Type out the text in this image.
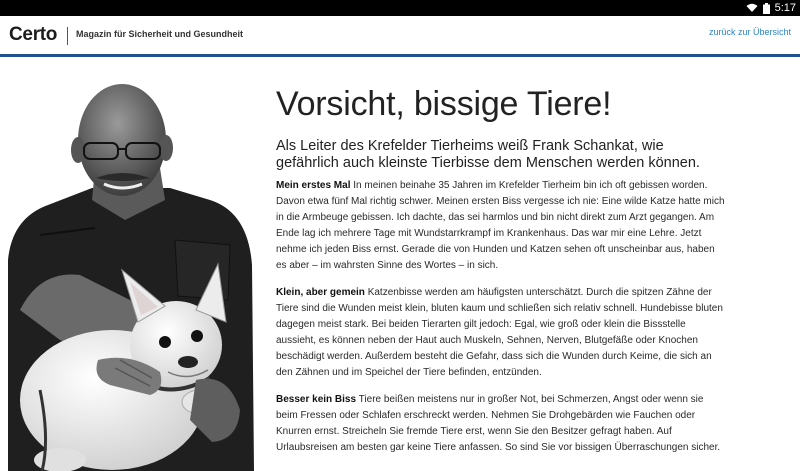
5:17
Certo Magazin für Sicherheit und Gesundheit	zurück zur Übersicht
Vorsicht, bissige Tiere!

Als Leiter des Krefelder Tierheims weiß Frank Schankat, wie gefährlich auch kleinste Tierbisse dem Menschen werden können.

Mein erstes Mal In meinen beinahe 35 Jahren im Krefelder Tierheim bin ich oft gebissen worden. Davon etwa fünf Mal richtig schwer. Meinen ersten Biss vergesse ich nie: Eine wilde Katze hatte mich in die Armbeuge gebissen. Ich dachte, das sei harmlos und bin nicht direkt zum Arzt gegangen. Am Ende lag ich mehrere Tage mit Wundstarrkrampf im Krankenhaus. Das war mir eine Lehre. Jetzt nehme ich jeden Biss ernst. Gerade die von Hunden und Katzen sehen oft unscheinbar aus, haben es aber – im wahrsten Sinne des Wortes – in sich.

Klein, aber gemein Katzenbisse werden am häufigsten unterschätzt. Durch die spitzen Zähne der Tiere sind die Wunden meist klein, bluten kaum und schließen sich relativ schnell. Hundebisse bluten dagegen meist stark. Bei beiden Tierarten gilt jedoch: Egal, wie groß oder klein die Bissstelle aussieht, es können neben der Haut auch Muskeln, Sehnen, Nerven, Blutgefäße oder Knochen beschädigt werden. Außerdem besteht die Gefahr, dass sich die Wunden durch Keime, die sich an den Zähnen und im Speichel der Tiere befinden, entzünden.

Besser kein Biss Tiere beißen meistens nur in großer Not, bei Schmerzen, Angst oder wenn sie beim Fressen oder Schlafen erschreckt werden. Nehmen Sie Drohgebärden wie Fauchen oder Knurren ernst. Streicheln Sie fremde Tiere erst, wenn Sie den Besitzer gefragt haben. Auf Urlaubsreisen am besten gar keine Tiere anfassen. So sind Sie vor bissigen Überraschungen sicher.
